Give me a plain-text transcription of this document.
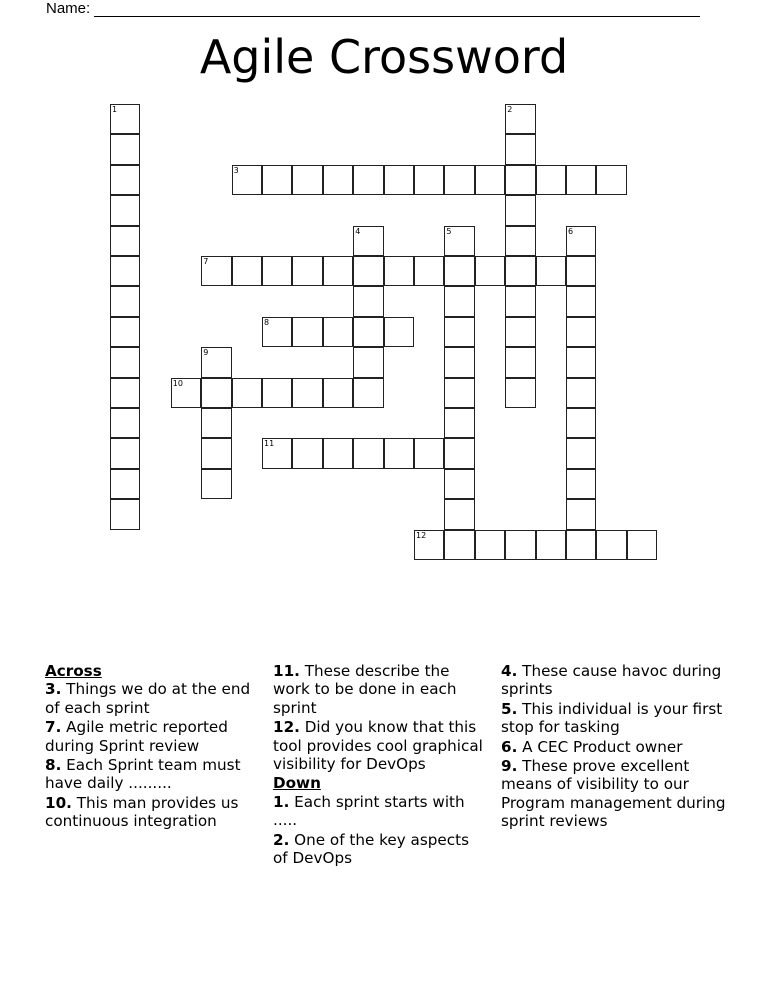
Name:
Agile Crossword
1	2
3
4	5	6
7
8
9
10
11
12
Across
3. Things we do at the end of each sprint
7. Agile metric reported during Sprint review
8. Each Sprint team must have daily .........
10. This man provides us continuous integration
11. These describe the work to be done in each sprint
12. Did you know that this tool provides cool graphical visibility for DevOps
Down
1. Each sprint starts with .....
2. One of the key aspects of DevOps
4. These cause havoc during sprints
5. This individual is your first stop for tasking
6. A CEC Product owner
9. These prove excellent means of visibility to our Program management during sprint reviews
